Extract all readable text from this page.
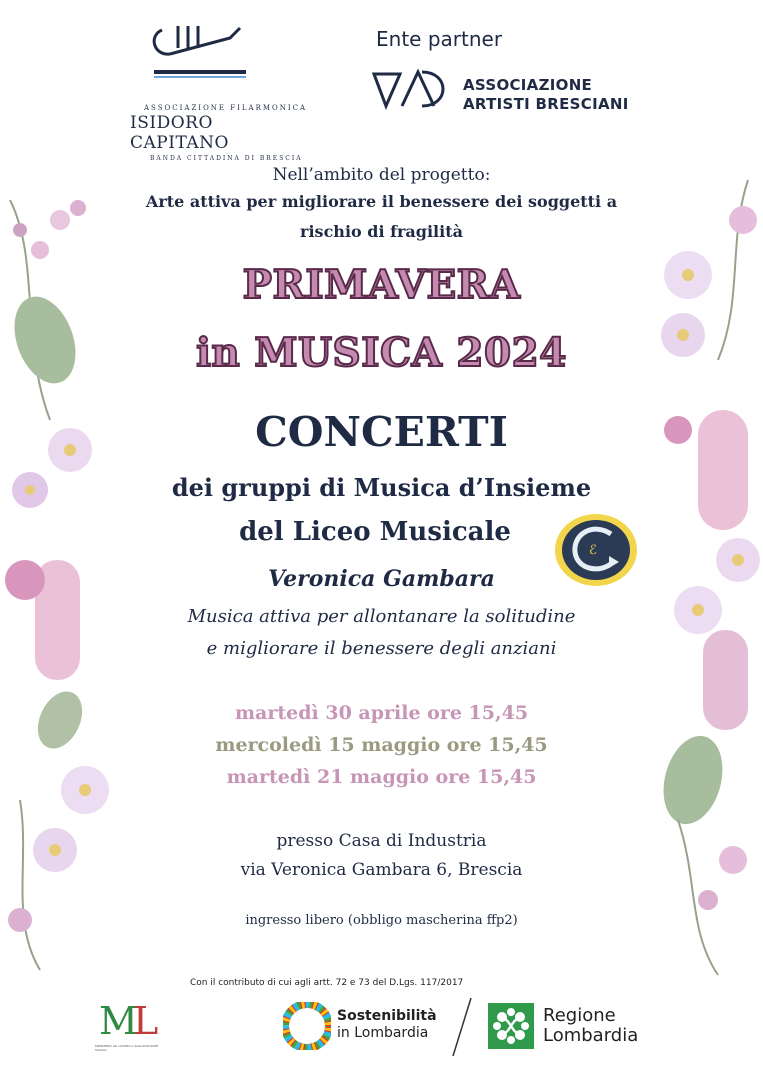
ASSOCIAZIONE FILARMONICA
ISIDORO CAPITANO
BANDA CITTADINA DI BRESCIA
Ente partner
ASSOCIAZIONE
ARTISTI BRESCIANI
Nell’ambito del progetto:
Arte attiva per migliorare il benessere dei soggetti a
rischio di fragilità
PRIMAVERA
in MUSICA 2024
CONCERTI
dei gruppi di Musica d’Insieme
del Liceo Musicale
ℰ
Veronica Gambara
Musica attiva per allontanare la solitudine
e migliorare il benessere degli anziani
martedì 30 aprile ore 15,45
mercoledì 15 maggio ore 15,45
martedì 21 maggio ore 15,45
presso Casa di Industria
via Veronica Gambara 6, Brescia
ingresso libero (obbligo mascherina ffp2)
Con il contributo di cui agli artt. 72 e 73 del D.Lgs. 117/2017
M
L
MINISTERO del LAVORO e delle POLITICHE SOCIALI
Sostenibilità
in Lombardia
Regione
Lombardia
